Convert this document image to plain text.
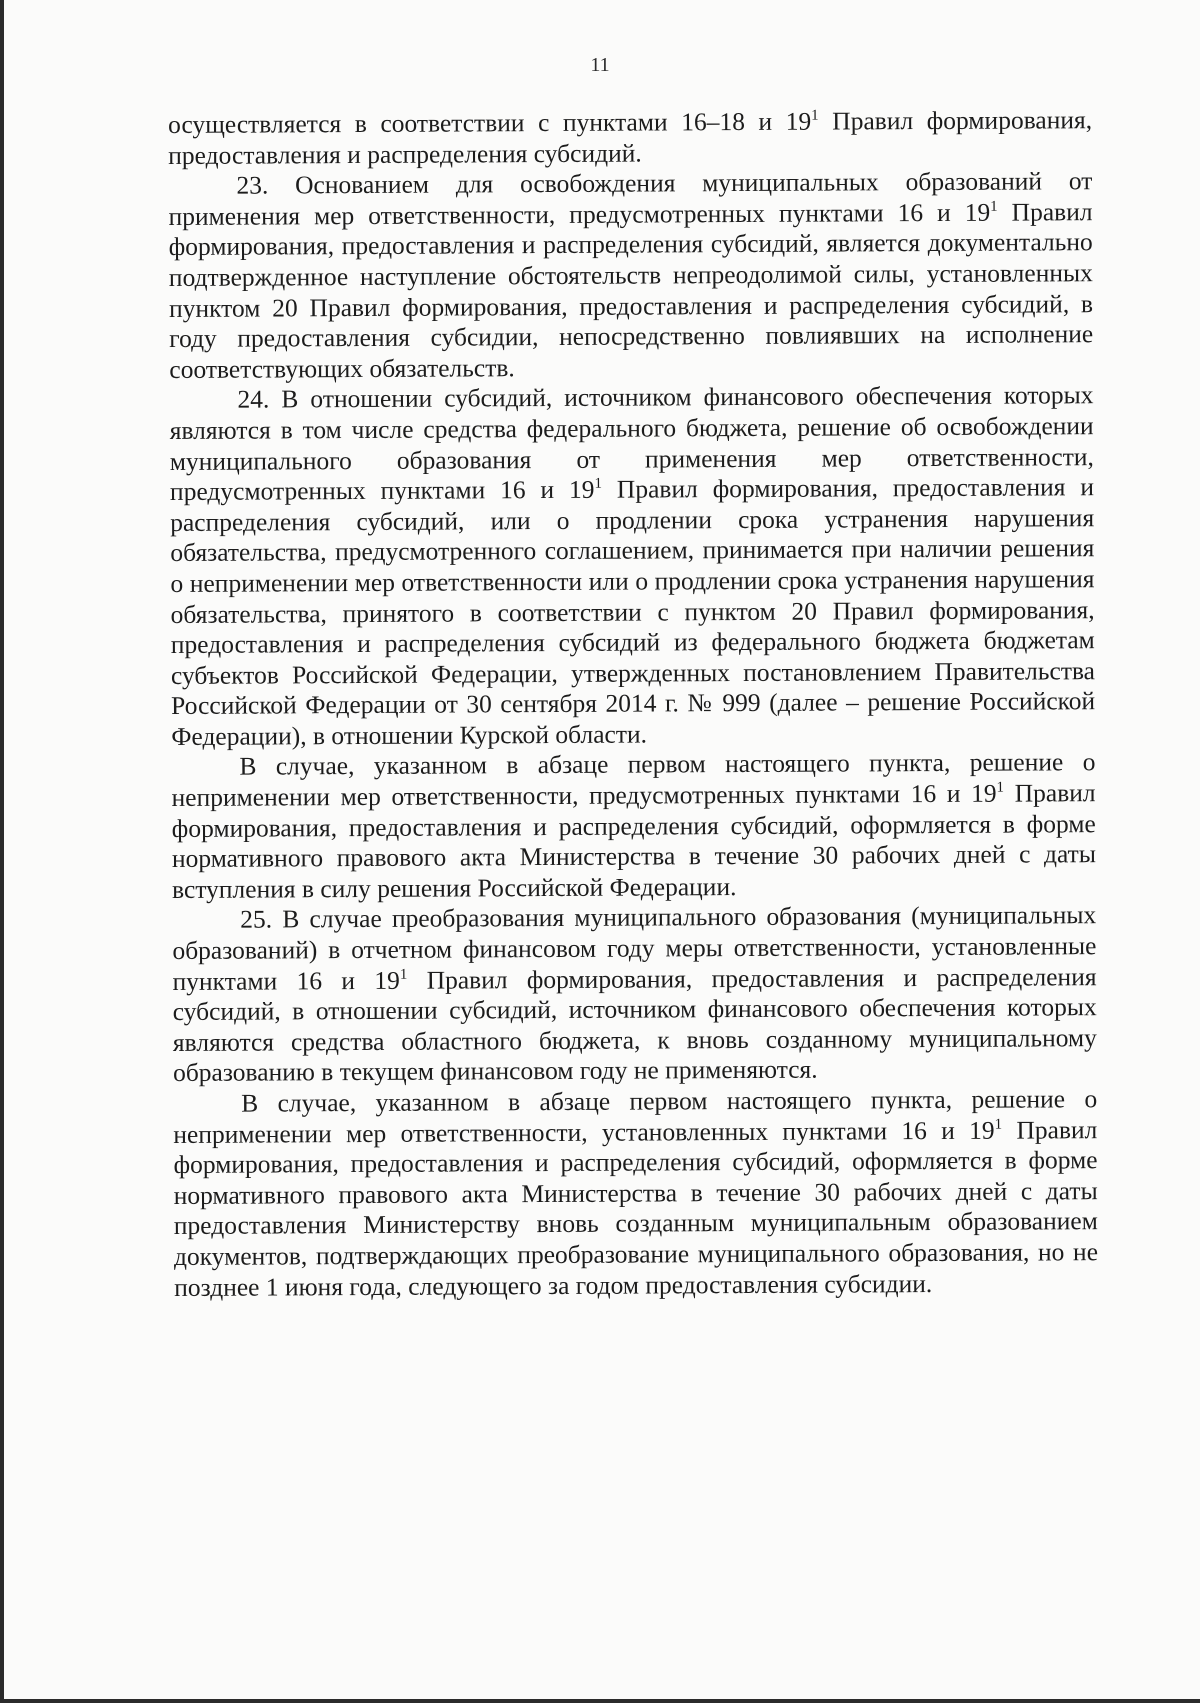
11

осуществляется в соответствии с пунктами 16–18 и $19^1$ Правил формирования, предоставления и распределения субсидий.

23. Основанием для освобождения муниципальных образований от применения мер ответственности, предусмотренных пунктами 16 и $19^1$ Правил формирования, предоставления и распределения субсидий, является документально подтвержденное наступление обстоятельств непреодолимой силы, установленных пунктом 20 Правил формирования, предоставления и распределения субсидий, в году предоставления субсидии, непосредственно повлиявших на исполнение соответствующих обязательств.

24. В отношении субсидий, источником финансового обеспечения которых являются в том числе средства федерального бюджета, решение об освобождении муниципального образования от применения мер ответственности, предусмотренных пунктами 16 и $19^1$ Правил формирования, предоставления и распределения субсидий, или о продлении срока устранения нарушения обязательства, предусмотренного соглашением, принимается при наличии решения о неприменении мер ответственности или о продлении срока устранения нарушения обязательства, принятого в соответствии с пунктом 20 Правил формирования, предоставления и распределения субсидий из федерального бюджета бюджетам субъектов Российской Федерации, утвержденных постановлением Правительства Российской Федерации от 30 сентября 2014 г. № 999 (далее – решение Российской Федерации), в отношении Курской области.

В случае, указанном в абзаце первом настоящего пункта, решение о неприменении мер ответственности, предусмотренных пунктами 16 и $19^1$ Правил формирования, предоставления и распределения субсидий, оформляется в форме нормативного правового акта Министерства в течение 30 рабочих дней с даты вступления в силу решения Российской Федерации.

25. В случае преобразования муниципального образования (муниципальных образований) в отчетном финансовом году меры ответственности, установленные пунктами 16 и $19^1$ Правил формирования, предоставления и распределения субсидий, в отношении субсидий, источником финансового обеспечения которых являются средства областного бюджета, к вновь созданному муниципальному образованию в текущем финансовом году не применяются.

В случае, указанном в абзаце первом настоящего пункта, решение о неприменении мер ответственности, установленных пунктами 16 и $19^1$ Правил формирования, предоставления и распределения субсидий, оформляется в форме нормативного правового акта Министерства в течение 30 рабочих дней с даты предоставления Министерству вновь созданным муниципальным образованием документов, подтверждающих преобразование муниципального образования, но не позднее 1 июня года, следующего за годом предоставления субсидии.
